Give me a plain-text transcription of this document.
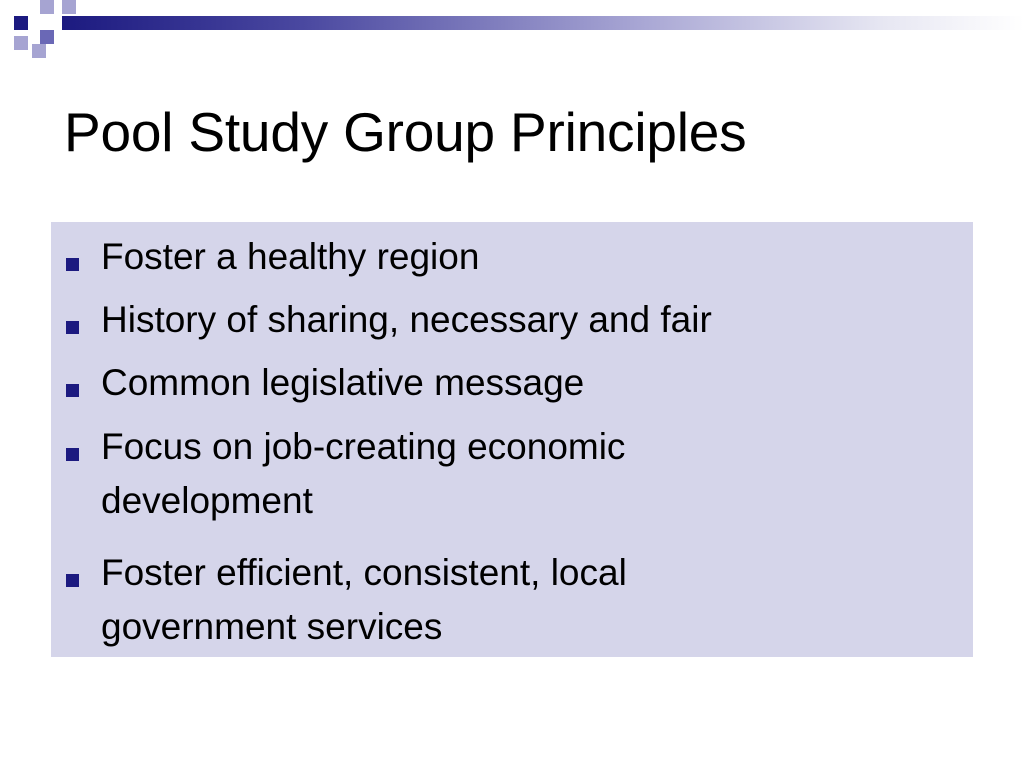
Pool Study Group Principles
Foster a healthy region
History of sharing, necessary and fair
Common legislative message
Focus on job-creating economic
development
Foster efficient, consistent, local
government services
